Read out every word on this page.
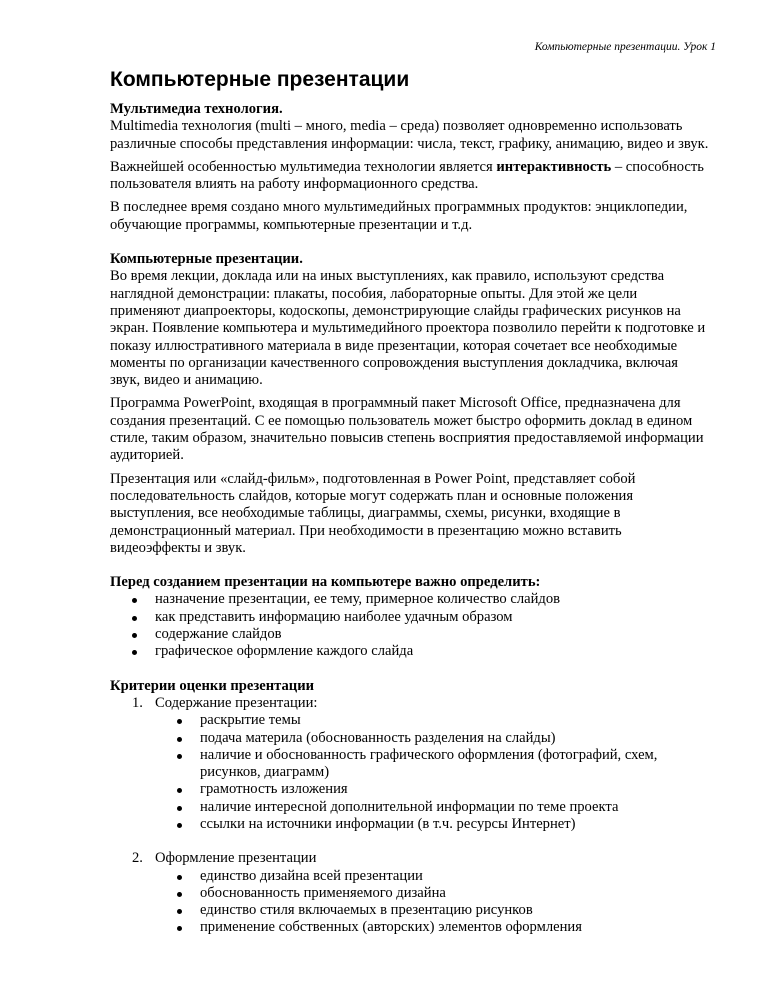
Компьютерные презентации. Урок 1
Компьютерные презентации
Мультимедиа технология.

Multimedia технология (multi – много, media – среда) позволяет одновременно использовать различные способы представления информации: числа, текст, графику, анимацию, видео и звук.

Важнейшей особенностью мультимедиа технологии является интерактивность – способность пользователя влиять на работу информационного средства.

В последнее время создано много мультимедийных программных продуктов: энциклопедии, обучающие программы, компьютерные презентации и т.д.

Компьютерные презентации.

Во время лекции, доклада или на иных выступлениях, как правило, используют средства наглядной демонстрации: плакаты, пособия, лабораторные опыты. Для этой же цели применяют диапроекторы, кодоскопы, демонстрирующие слайды графических рисунков на экран. Появление компьютера и мультимедийного проектора позволило перейти к подготовке и показу иллюстративного материала в виде презентации, которая сочетает все необходимые моменты по организации качественного сопровождения выступления докладчика, включая звук, видео и анимацию.

Программа PowerPoint, входящая в программный пакет Microsoft Office, предназначена для создания презентаций. С ее помощью пользователь может быстро оформить доклад в едином стиле, таким образом, значительно повысив степень восприятия предоставляемой информации аудиторией.

Презентация или «слайд-фильм», подготовленная в Power Point, представляет собой последовательность слайдов, которые могут содержать план и основные положения выступления, все необходимые таблицы, диаграммы, схемы, рисунки, входящие в демонстрационный материал. При необходимости в презентацию можно вставить видеоэффекты и звук.

Перед созданием презентации на компьютере важно определить:
назначение презентации, ее тему, примерное количество слайдов
как представить информацию наиболее удачным образом
содержание слайдов
графическое оформление каждого слайда
Критерии оценки презентации
1. Содержание презентации:
раскрытие темы
подача материла (обоснованность разделения на слайды)
наличие и обоснованность графического оформления (фотографий, схем, рисунков, диаграмм)
грамотность изложения
наличие интересной дополнительной информации по теме проекта
ссылки на источники информации (в т.ч. ресурсы Интернет)
2. Оформление презентации
единство дизайна всей презентации
обоснованность применяемого дизайна
единство стиля включаемых в презентацию рисунков
применение собственных (авторских) элементов оформления
